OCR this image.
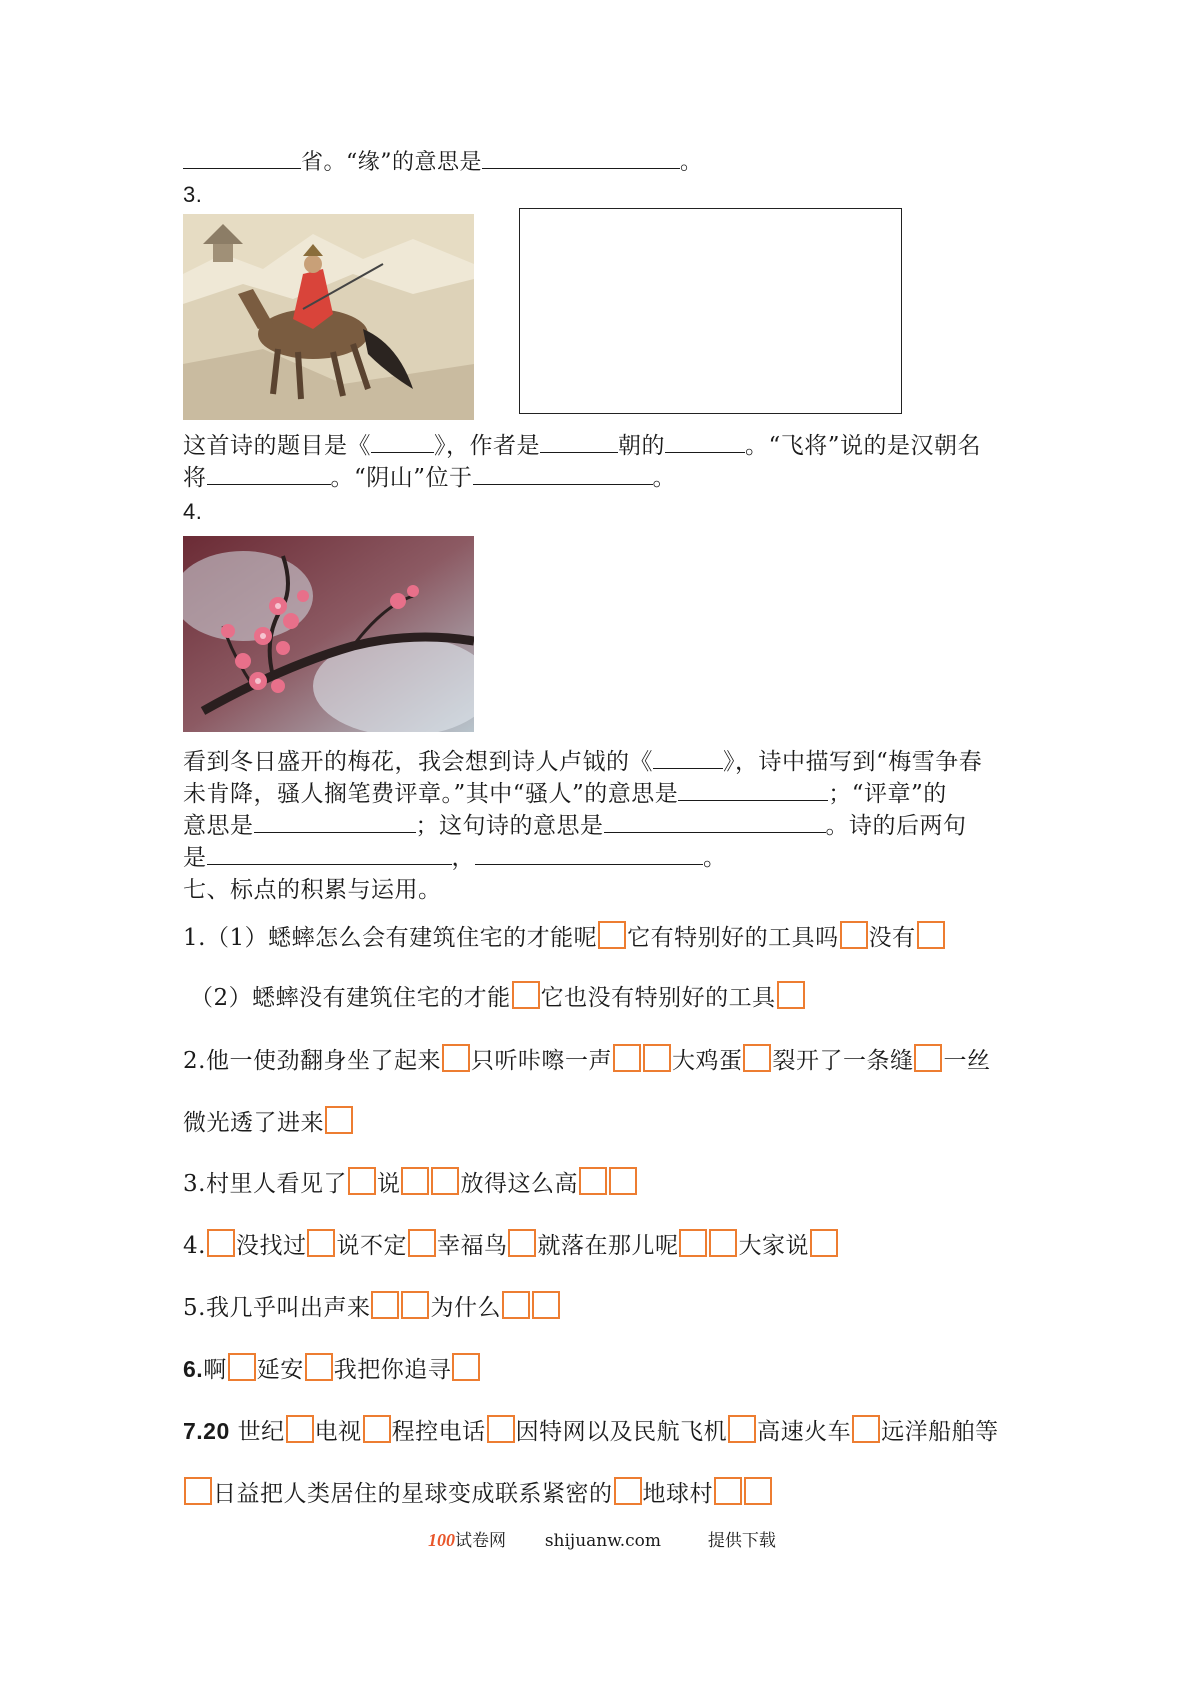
省。“缘”的意思是	。
3.
这首诗的题目是《	》，作者是	朝的	。“飞将”说的是汉朝名
将	。“阴山”位于	。
4.
看到冬日盛开的梅花，我会想到诗人卢钺的《	》，诗中描写到“梅雪争春
未肯降，骚人搁笔费评章。”其中“骚人”的意思是	；“评章”的
意思是	；这句诗的意思是	。诗的后两句
是	，	。
七、标点的积累与运用。
1.（1）蟋蟀怎么会有建筑住宅的才能呢 它有特别好的工具吗 没有
（2）蟋蟀没有建筑住宅的才能 它也没有特别好的工具
2.他一使劲翻身坐了起来 只听咔嚓一声	大鸡蛋 裂开了一条缝 一丝
微光透了进来
3.村里人看见了 说	放得这么高
4. 没找过 说不定 幸福鸟 就落在那儿呢	大家说
5.我几乎叫出声来	为什么
6.啊 延安 我把你追寻
7.20 世纪 电视 程控电话 因特网以及民航飞机 高速火车 远洋船舶等
日益把人类居住的星球变成联系紧密的 地球村
100试卷网 shijuanw.com	提供下载
